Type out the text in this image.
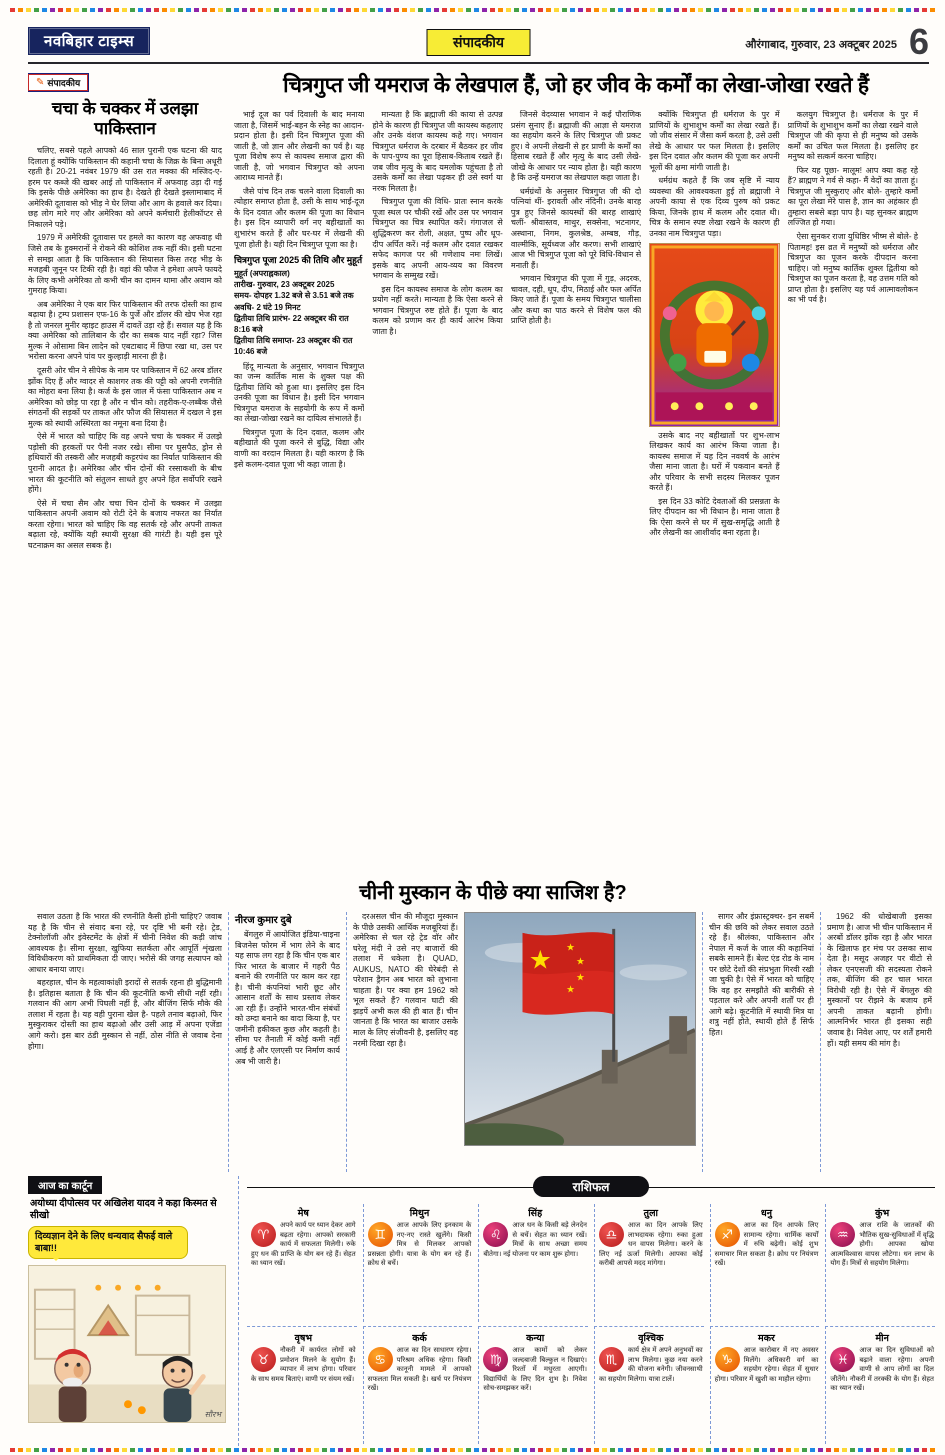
नवबिहार टाइम्स	संपादकीय	औरंगाबाद, गुरुवार, 23 अक्टूबर 2025 6
✎ संपादकीय
चचा के चक्कर में उलझा पाकिस्तान

चलिए, सबसे पहले आपको 46 साल पुरानी एक घटना की याद दिलाता हूं क्योंकि पाकिस्तान की कहानी चचा के जिक्र के बिना अधूरी रहती है। 20-21 नवंबर 1979 की उस रात मक्का की मस्जिद-ए-हरम पर कब्जे की खबर आई तो पाकिस्तान में अफवाह उड़ा दी गई कि इसके पीछे अमेरिका का हाथ है। देखते ही देखते इस्लामाबाद में अमेरिकी दूतावास को भीड़ ने घेर लिया और आग के हवाले कर दिया। छह लोग मारे गए और अमेरिका को अपने कर्मचारी हेलीकॉप्टर से निकालने पड़े।

1979 में अमेरिकी दूतावास पर हमले का कारण वह अफवाह थी जिसे तब के हुक्मरानों ने रोकने की कोशिश तक नहीं की। इसी घटना से समझ आता है कि पाकिस्तान की सियासत किस तरह भीड़ के मजहबी जुनून पर टिकी रही है। वहां की फौज ने हमेशा अपने फायदे के लिए कभी अमेरिका तो कभी चीन का दामन थामा और अवाम को गुमराह किया।

अब अमेरिका ने एक बार फिर पाकिस्तान की तरफ दोस्ती का हाथ बढ़ाया है। ट्रम्प प्रशासन एफ-16 के पुर्जे और डॉलर की खेप भेज रहा है तो जनरल मुनीर व्हाइट हाउस में दावतें उड़ा रहे हैं। सवाल यह है कि क्या अमेरिका को तालिबान के दौर का सबक याद नहीं रहा? जिस मुल्क ने ओसामा बिन लादेन को एबटाबाद में छिपा रखा था, उस पर भरोसा करना अपने पांव पर कुल्हाड़ी मारना ही है।

दूसरी ओर चीन ने सीपेक के नाम पर पाकिस्तान में 62 अरब डॉलर झोंक दिए हैं और ग्वादर से काशगर तक की पट्टी को अपनी रणनीति का मोहरा बना लिया है। कर्ज के इस जाल में फंसा पाकिस्तान अब न अमेरिका को छोड़ पा रहा है और न चीन को। तहरीक-ए-लब्बैक जैसे संगठनों की सड़कों पर ताकत और फौज की सियासत में दखल ने इस मुल्क को स्थायी अस्थिरता का नमूना बना दिया है।

ऐसे में भारत को चाहिए कि वह अपने चचा के चक्कर में उलझे पड़ोसी की हरकतों पर पैनी नजर रखे। सीमा पर घुसपैठ, ड्रोन से हथियारों की तस्करी और मजहबी कट्टरपंथ का निर्यात पाकिस्तान की पुरानी आदत है। अमेरिका और चीन दोनों की रस्साकशी के बीच भारत की कूटनीति को संतुलन साधते हुए अपने हित सर्वोपरि रखने होंगे।

ऐसे में चचा सैम और चचा चिन दोनों के चक्कर में उलझा पाकिस्तान अपनी अवाम को रोटी देने के बजाय नफरत का निर्यात करता रहेगा। भारत को चाहिए कि वह सतर्क रहे और अपनी ताकत बढ़ाता रहे, क्योंकि यही स्थायी सुरक्षा की गारंटी है। यही इस पूरे घटनाक्रम का असल सबक है।

चित्रगुप्त जी यमराज के लेखपाल हैं, जो हर जीव के कर्मों का लेखा-जोखा रखते हैं

भाई दूज का पर्व दिवाली के बाद मनाया जाता है, जिसमें भाई-बहन के स्नेह का आदान-प्रदान होता है। इसी दिन चित्रगुप्त पूजा की जाती है, जो ज्ञान और लेखनी का पर्व है। यह पूजा विशेष रूप से कायस्थ समाज द्वारा की जाती है, जो भगवान चित्रगुप्त को अपना आराध्य मानते हैं।

जैसे पांच दिन तक चलने वाला दिवाली का त्योहार समाप्त होता है, उसी के साथ भाई-दूज के दिन दवात और कलम की पूजा का विधान है। इस दिन व्यापारी वर्ग नए बहीखातों का शुभारंभ करते हैं और घर-घर में लेखनी की पूजा होती है। यही दिन चित्रगुप्त पूजा का है।

चित्रगुप्त पूजा 2025 की तिथि और मुहूर्त
मुहूर्त (अपराह्नकाल)
तारीख- गुरुवार, 23 अक्टूबर 2025
समय- दोपहर 1.32 बजे से 3.51 बजे तक
अवधि- 2 घंटे 19 मिनट
द्वितीया तिथि प्रारंभ- 22 अक्टूबर की रात 8:16 बजे
द्वितीया तिथि समाप्त- 23 अक्टूबर की रात 10:46 बजे

हिंदू मान्यता के अनुसार, भगवान चित्रगुप्त का जन्म कार्तिक मास के शुक्ल पक्ष की द्वितीया तिथि को हुआ था। इसलिए इस दिन उनकी पूजा का विधान है। इसी दिन भगवान चित्रगुप्त यमराज के सहयोगी के रूप में कर्मों का लेखा-जोखा रखने का दायित्व संभालते हैं।

चित्रगुप्त पूजा के दिन दवात, कलम और बहीखाते की पूजा करने से बुद्धि, विद्या और वाणी का वरदान मिलता है। यही कारण है कि इसे कलम-दवात पूजा भी कहा जाता है।

मान्यता है कि ब्रह्माजी की काया से उत्पन्न होने के कारण ही चित्रगुप्त जी कायस्थ कहलाए और उनके वंशज कायस्थ कहे गए। भगवान चित्रगुप्त धर्मराज के दरबार में बैठकर हर जीव के पाप-पुण्य का पूरा हिसाब-किताब रखते हैं। जब जीव मृत्यु के बाद यमलोक पहुंचता है तो उसके कर्मों का लेखा पढ़कर ही उसे स्वर्ग या नरक मिलता है।

चित्रगुप्त पूजा की विधि- प्रातः स्नान करके पूजा स्थल पर चौकी रखें और उस पर भगवान चित्रगुप्त का चित्र स्थापित करें। गंगाजल से शुद्धिकरण कर रोली, अक्षत, पुष्प और धूप-दीप अर्पित करें। नई कलम और दवात रखकर सफेद कागज पर श्री गणेशाय नमः लिखें। इसके बाद अपनी आय-व्यय का विवरण भगवान के सम्मुख रखें।

इस दिन कायस्थ समाज के लोग कलम का प्रयोग नहीं करते। मान्यता है कि ऐसा करने से भगवान चित्रगुप्त रुष्ट होते हैं। पूजा के बाद कलम को प्रणाम कर ही कार्य आरंभ किया जाता है।

जिनसे वेदव्यास भगवान ने कई पौराणिक प्रसंग सुनाए हैं। ब्रह्माजी की आज्ञा से यमराज का सहयोग करने के लिए चित्रगुप्त जी प्रकट हुए। वे अपनी लेखनी से हर प्राणी के कर्मों का हिसाब रखते हैं और मृत्यु के बाद उसी लेखे-जोखे के आधार पर न्याय होता है। यही कारण है कि उन्हें यमराज का लेखपाल कहा जाता है।

धर्मग्रंथों के अनुसार चित्रगुप्त जी की दो पत्नियां थीं- इरावती और नंदिनी। उनके बारह पुत्र हुए जिनसे कायस्थों की बारह शाखाएं चलीं- श्रीवास्तव, माथुर, सक्सेना, भटनागर, अस्थाना, निगम, कुलश्रेष्ठ, अम्बष्ठ, गौड़, वाल्मीकि, सूर्यध्वज और करण। सभी शाखाएं आज भी चित्रगुप्त पूजा को पूरे विधि-विधान से मनाती हैं।

भगवान चित्रगुप्त की पूजा में गुड़, अदरक, चावल, दही, धूप, दीप, मिठाई और फल अर्पित किए जाते हैं। पूजा के समय चित्रगुप्त चालीसा और कथा का पाठ करने से विशेष फल की प्राप्ति होती है।

क्योंकि चित्रगुप्त ही धर्मराज के पुर में प्राणियों के शुभाशुभ कर्मों का लेखा रखते हैं। जो जीव संसार में जैसा कर्म करता है, उसे उसी लेखे के आधार पर फल मिलता है। इसलिए इस दिन दवात और कलम की पूजा कर अपनी भूलों की क्षमा मांगी जाती है।

धर्मग्रंथ कहते हैं कि जब सृष्टि में न्याय व्यवस्था की आवश्यकता हुई तो ब्रह्माजी ने अपनी काया से एक दिव्य पुरुष को प्रकट किया, जिनके हाथ में कलम और दवात थी। चित्र के समान स्पष्ट लेखा रखने के कारण ही उनका नाम चित्रगुप्त पड़ा।

उसके बाद नए बहीखातों पर शुभ-लाभ लिखकर कार्य का आरंभ किया जाता है। कायस्थ समाज में यह दिन नववर्ष के आरंभ जैसा माना जाता है। घरों में पकवान बनते हैं और परिवार के सभी सदस्य मिलकर पूजन करते हैं।

इस दिन 33 कोटि देवताओं की प्रसन्नता के लिए दीपदान का भी विधान है। माना जाता है कि ऐसा करने से घर में सुख-समृद्धि आती है और लेखनी का आशीर्वाद बना रहता है।

कलयुग चित्रगुप्त है। धर्मराज के पुर में प्राणियों के शुभाशुभ कर्मों का लेखा रखने वाले चित्रगुप्त जी की कृपा से ही मनुष्य को उसके कर्मों का उचित फल मिलता है। इसलिए हर मनुष्य को सत्कर्म करना चाहिए।

फिर यह पूछा- मालूम! आप क्या कह रहे हैं? ब्राह्मण ने गर्व से कहा- मैं वेदों का ज्ञाता हूं। चित्रगुप्त जी मुस्कुराए और बोले- तुम्हारे कर्मों का पूरा लेखा मेरे पास है, ज्ञान का अहंकार ही तुम्हारा सबसे बड़ा पाप है। यह सुनकर ब्राह्मण लज्जित हो गया।

ऐसा सुनकर राजा युधिष्ठिर भीष्म से बोले- हे पितामह! इस व्रत में मनुष्यों को धर्मराज और चित्रगुप्त का पूजन करके दीपदान करना चाहिए। जो मनुष्य कार्तिक शुक्ल द्वितीया को चित्रगुप्त का पूजन करता है, वह उत्तम गति को प्राप्त होता है। इसलिए यह पर्व आत्मावलोकन का भी पर्व है।

चीनी मुस्कान के पीछे क्या साजिश है?

सवाल उठता है कि भारत की रणनीति कैसी होनी चाहिए? जवाब यह है कि चीन से संवाद बना रहे, पर दृष्टि भी बनी रहे। ट्रेड, टेक्नोलॉजी और इंवेस्टमेंट के क्षेत्रों में चीनी निवेश की कड़ी जांच आवश्यक है। सीमा सुरक्षा, खुफिया सतर्कता और आपूर्ति शृंखला विविधीकरण को प्राथमिकता दी जाए। भरोसे की जगह सत्यापन को आधार बनाया जाए।

बहरहाल, चीन के महत्वाकांक्षी इरादों से सतर्क रहना ही बुद्धिमानी है। इतिहास बताता है कि चीन की कूटनीति कभी सीधी नहीं रही। गलवान की आग अभी पिघली नहीं है, और बीजिंग सिर्फ मौके की तलाश में रहता है। यह वही पुराना खेल है- पहले तनाव बढ़ाओ, फिर मुस्कुराकर दोस्ती का हाथ बढ़ाओ और उसी आड़ में अपना एजेंडा आगे करो। इस बार ठंडी मुस्कान से नहीं, ठोस नीति से जवाब देना होगा।

नीरज कुमार दुबे

बेंगलुरु में आयोजित इंडिया-चाइना बिजनेस फोरम में भाग लेने के बाद यह साफ लग रहा है कि चीन एक बार फिर भारत के बाजार में गहरी पैठ बनाने की रणनीति पर काम कर रहा है। चीनी कंपनियां भारी छूट और आसान शर्तों के साथ प्रस्ताव लेकर आ रही हैं। उन्होंने भारत-चीन संबंधों को उम्दा बनाने का वादा किया है, पर जमीनी हकीकत कुछ और कहती है। सीमा पर तैनाती में कोई कमी नहीं आई है और एलएसी पर निर्माण कार्य अब भी जारी है।

दरअसल चीन की मौजूदा मुस्कान के पीछे उसकी आर्थिक मजबूरियां हैं। अमेरिका से चल रहे ट्रेड वॉर और घरेलू मंदी ने उसे नए बाजारों की तलाश में धकेला है। QUAD, AUKUS, NATO की घेरेबंदी से परेशान ड्रैगन अब भारत को लुभाना चाहता है। पर क्या हम 1962 को भूल सकते हैं? गलवान घाटी की झड़पें अभी कल की ही बात हैं। चीन जानता है कि भारत का बाजार उसके माल के लिए संजीवनी है, इसलिए वह नरमी दिखा रहा है।

★ ★
★
★
★

सागर और इंफ्रास्ट्रक्चर- इन सबमें चीन की छवि को लेकर सवाल उठते रहे हैं। श्रीलंका, पाकिस्तान और नेपाल में कर्ज के जाल की कहानियां सबके सामने हैं। बेल्ट एंड रोड के नाम पर छोटे देशों की संप्रभुता गिरवी रखी जा चुकी है। ऐसे में भारत को चाहिए कि वह हर समझौते की बारीकी से पड़ताल करे और अपनी शर्तों पर ही आगे बढ़े। कूटनीति में स्थायी मित्र या शत्रु नहीं होते, स्थायी होते हैं सिर्फ हित।

1962 की धोखेबाजी इसका प्रमाण है। आज भी चीन पाकिस्तान में अरबों डॉलर झोंक रहा है और भारत के खिलाफ हर मंच पर उसका साथ देता है। मसूद अजहर पर वीटो से लेकर एनएसजी की सदस्यता रोकने तक, बीजिंग की हर चाल भारत विरोधी रही है। ऐसे में बेंगलुरु की मुस्कानों पर रीझने के बजाय हमें अपनी ताकत बढ़ानी होगी। आत्मनिर्भर भारत ही इसका सही जवाब है। निवेश आए, पर शर्तें हमारी हों। यही समय की मांग है।

आज का कार्टून
अयोध्या दीपोत्सव पर अखिलेश यादव ने कहा किस्मत से सीखो
दिव्यज्ञान देने के लिए धन्यवाद सैफई वाले बाबा!!
सौरभ
राशिफल
मेष
♈
अपने कार्य पर ध्यान देकर आगे बढ़ता रहेगा। आपको सरकारी कार्य में सफलता मिलेगी। रुके हुए धन की प्राप्ति के योग बन रहे हैं। सेहत का ध्यान रखें।
मिथुन
♊
आज आपके लिए इनकाम के नए-नए रास्ते खुलेंगे। किसी मित्र से मिलकर आपको प्रसन्नता होगी। यात्रा के योग बन रहे हैं। क्रोध से बचें।
सिंह
♌
आज धन के किसी बड़े लेनदेन से बचें। सेहत का ध्यान रखें। मित्रों के साथ अच्छा समय बीतेगा। नई योजना पर काम शुरू होगा।
तुला
♎
आज का दिन आपके लिए लाभदायक रहेगा। रुका हुआ धन वापस मिलेगा। करने के लिए नई ऊर्जा मिलेगी। आपका कोई करीबी आपसे मदद मांगेगा।
धनु
♐
आज का दिन आपके लिए सामान्य रहेगा। धार्मिक कार्यों में रुचि बढ़ेगी। कोई शुभ समाचार मिल सकता है। क्रोध पर नियंत्रण रखें।
कुंभ
♒
आज राशि के जातकों की भौतिक सुख-सुविधाओं में वृद्धि होगी। आपका खोया आत्मविश्वास वापस लौटेगा। धन लाभ के योग हैं। मित्रों से सहयोग मिलेगा।
वृषभ
♉
नौकरी में कार्यरत लोगों को प्रमोशन मिलने के सुयोग हैं। व्यापार में लाभ होगा। परिवार के साथ समय बिताएं। वाणी पर संयम रखें।
कर्क
♋
आज का दिन साधारण रहेगा। परिश्रम अधिक रहेगा। किसी कानूनी मामले में आपको सफलता मिल सकती है। खर्च पर नियंत्रण रखें।
कन्या
♍
आज कामों को लेकर जल्दबाजी बिल्कुल न दिखाएं। रिश्तों में मधुरता आएगी। विद्यार्थियों के लिए दिन शुभ है। निवेश सोच-समझकर करें।
वृश्चिक
♏
कार्य क्षेत्र में अपने अनुभवों का लाभ मिलेगा। कुछ नया करने की योजना बनेगी। जीवनसाथी का सहयोग मिलेगा। यात्रा टालें।
मकर
♑
आज कारोबार में नए अवसर मिलेंगे। अधिकारी वर्ग का सहयोग रहेगा। सेहत में सुधार होगा। परिवार में खुशी का माहौल रहेगा।
मीन
♓
आज का दिन सुविधाओं को बढ़ाने वाला रहेगा। अपनी वाणी से आप लोगों का दिल जीतेंगे। नौकरी में तरक्की के योग हैं। सेहत का ध्यान रखें।
